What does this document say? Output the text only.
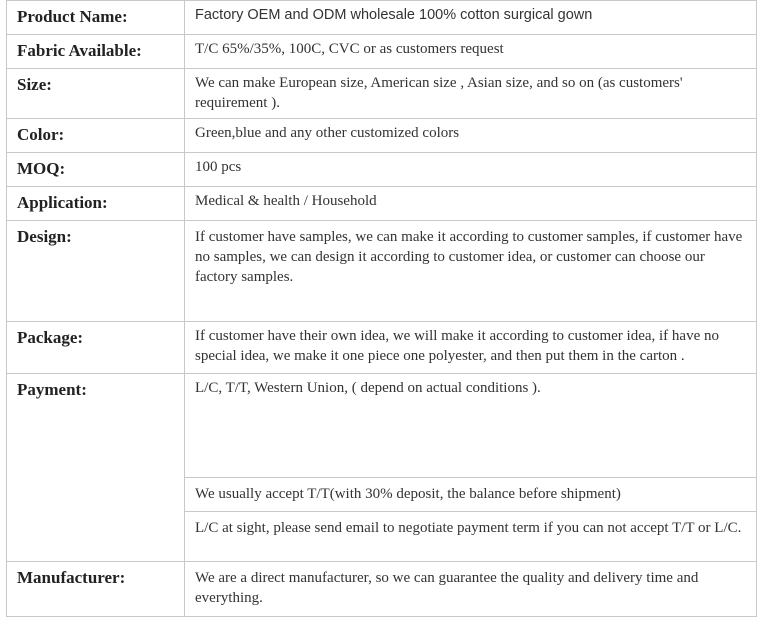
Product Name:	Factory OEM and ODM wholesale 100% cotton surgical gown
Fabric Available:	T/C 65%/35%, 100C, CVC or as customers request
Size:	We can make European size, American size , Asian size, and so on (as customers' requirement ).
Color:	Green,blue and any other customized colors
MOQ:	100 pcs
Application:	Medical & health / Household
Design:	If customer have samples, we can make it according to customer samples, if customer have
no samples, we can design it according to customer idea, or customer can choose our factory samples.

Package:	If customer have their own idea, we will make it according to customer idea, if have no special idea, we make it one piece one polyester, and then put them in the carton .
Payment:	L/C, T/T, Western Union, ( depend on actual conditions ).
	We usually accept T/T(with 30% deposit, the balance before shipment)
	L/C at sight, please send email to negotiate payment term if you can not accept T/T or L/C.
Manufacturer:	We are a direct manufacturer, so we can guarantee the quality and delivery time and everything.
